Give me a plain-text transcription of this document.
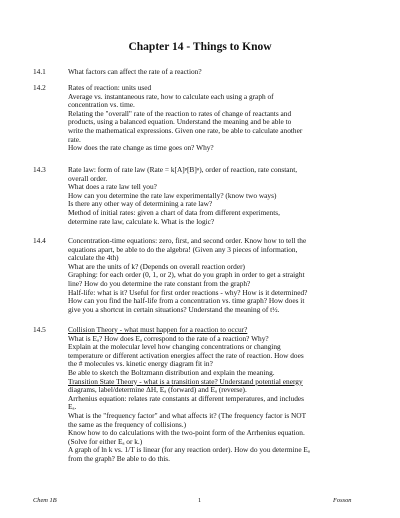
Chapter 14 - Things to Know
14.1	What factors can affect the rate of a reaction?
14.2	Rates of reaction: units used
Average vs. instantaneous rate, how to calculate each using a graph of
concentration vs. time.
Relating the "overall" rate of the reaction to rates of change of reactants and
products, using a balanced equation. Understand the meaning and be able to
write the mathematical expressions. Given one rate, be able to calculate another
rate.
How does the rate change as time goes on? Why?
14.3	Rate law: form of rate law (Rate = k[A]ᵖ[B]ᵠ), order of reaction, rate constant,
overall order.
What does a rate law tell you?
How can you determine the rate law experimentally? (know two ways)
Is there any other way of determining a rate law?
Method of initial rates: given a chart of data from different experiments,
determine rate law, calculate k. What is the logic?
14.4	Concentration-time equations: zero, first, and second order. Know how to tell the
equations apart, be able to do the algebra! (Given any 3 pieces of information,
calculate the 4th)
What are the units of k? (Depends on overall reaction order)
Graphing: for each order (0, 1, or 2), what do you graph in order to get a straight
line? How do you determine the rate constant from the graph?
Half-life: what is it? Useful for first order reactions - why? How is it determined?
How can you find the half-life from a concentration vs. time graph? How does it
give you a shortcut in certain situations? Understand the meaning of t½.
14.5	Collision Theory - what must happen for a reaction to occur?
What is Eₐ? How does Eₐ correspond to the rate of a reaction? Why?
Explain at the molecular level how changing concentrations or changing
temperature or different activation energies affect the rate of reaction. How does
the # molecules vs. kinetic energy diagram fit in?
Be able to sketch the Boltzmann distribution and explain the meaning.
Transition State Theory - what is a transition state? Understand potential energy
diagrams, label/determine ΔH, Eₐ (forward) and Eₐ (reverse).
Arrhenius equation: relates rate constants at different temperatures, and includes
Eₐ.
What is the "frequency factor" and what affects it? (The frequency factor is NOT
the same as the frequency of collisions.)
Know how to do calculations with the two-point form of the Arrhenius equation.
(Solve for either Eₐ or k.)
A graph of ln k vs. 1/T is linear (for any reaction order). How do you determine Eₐ
from the graph? Be able to do this.
Chem 1B	1	Fosson
